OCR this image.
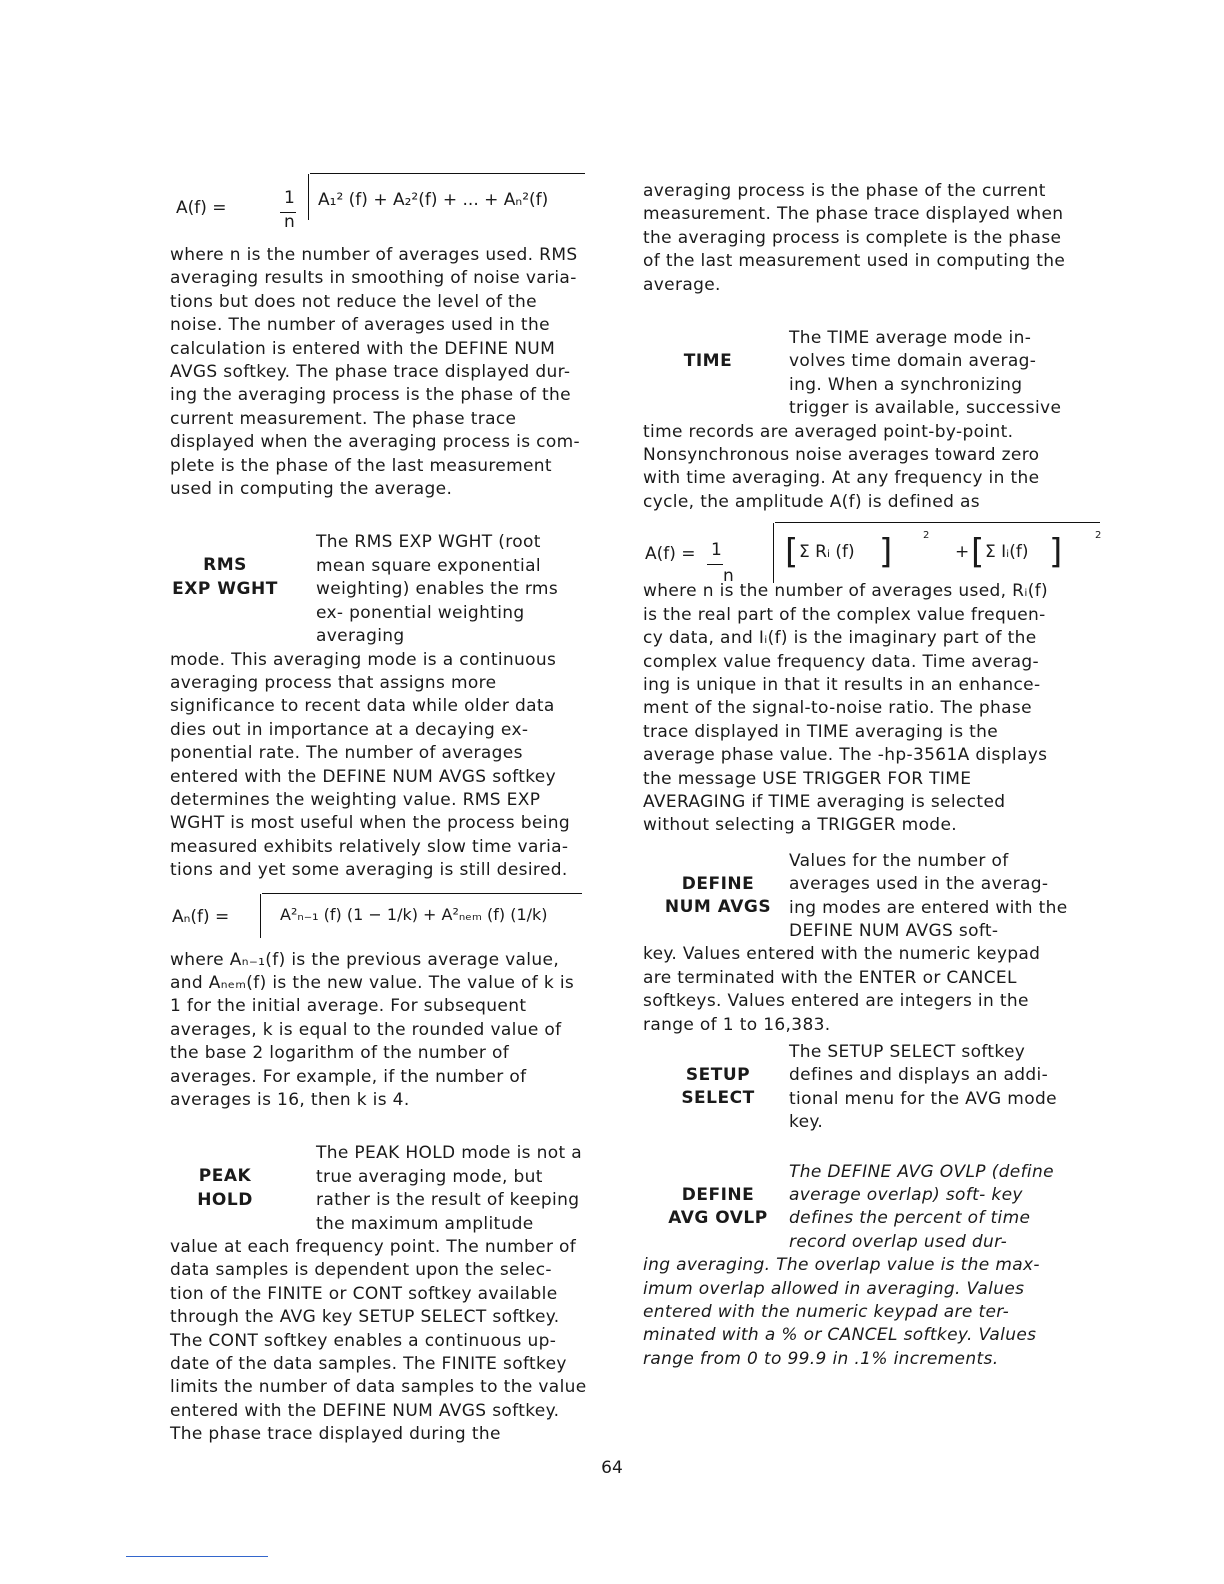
A(f) =	1
n
A₁² (f) + A₂²(f) + ... + Aₙ²(f)

where n is the number of averages used. RMS averaging results in smoothing of noise varia- tions but does not reduce the level of the noise. The number of averages used in the calculation is entered with the DEFINE NUM AVGS softkey. The phase trace displayed dur- ing the averaging process is the phase of the current measurement. The phase trace displayed when the averaging process is com- plete is the phase of the last measurement used in computing the average.

RMS
EXP WGHT

The RMS EXP WGHT (root mean square exponential weighting) enables the rms ex- ponential weighting averaging

mode. This averaging mode is a continuous averaging process that assigns more significance to recent data while older data dies out in importance at a decaying ex- ponential rate. The number of averages entered with the DEFINE NUM AVGS softkey determines the weighting value. RMS EXP WGHT is most useful when the process being measured exhibits relatively slow time varia- tions and yet some averaging is still desired.

Aₙ(f) =	A²ₙ₋₁ (f) (1 − 1/k) + A²ₙₑₘ (f) (1/k)

where Aₙ₋₁(f) is the previous average value, and Aₙₑₘ(f) is the new value. The value of k is 1 for the initial average. For subsequent averages, k is equal to the rounded value of the base 2 logarithm of the number of averages. For example, if the number of averages is 16, then k is 4.

PEAK
HOLD

The PEAK HOLD mode is not a true averaging mode, but rather is the result of keeping the maximum amplitude

value at each frequency point. The number of data samples is dependent upon the selec- tion of the FINITE or CONT softkey available through the AVG key SETUP SELECT softkey. The CONT softkey enables a continuous up- date of the data samples. The FINITE softkey limits the number of data samples to the value entered with the DEFINE NUM AVGS softkey. The phase trace displayed during the

averaging process is the phase of the current measurement. The phase trace displayed when the averaging process is complete is the phase of the last measurement used in computing the average.

TIME

The TIME average mode in- volves time domain averag- ing. When a synchronizing trigger is available, successive

time records are averaged point-by-point. Nonsynchronous noise averages toward zero with time averaging. At any frequency in the cycle, the amplitude A(f) is defined as

A(f) = 1
n
[ Σ Rᵢ (f) ]	2
+ [ Σ Iᵢ(f) ]	2

where n is the number of averages used, Rᵢ(f) is the real part of the complex value frequen- cy data, and Iᵢ(f) is the imaginary part of the complex value frequency data. Time averag- ing is unique in that it results in an enhance- ment of the signal-to-noise ratio. The phase trace displayed in TIME averaging is the average phase value. The -hp-3561A displays the message USE TRIGGER FOR TIME AVERAGING if TIME averaging is selected without selecting a TRIGGER mode.

DEFINE
NUM AVGS

Values for the number of averages used in the averag- ing modes are entered with the DEFINE NUM AVGS soft-

key. Values entered with the numeric keypad are terminated with the ENTER or CANCEL softkeys. Values entered are integers in the range of 1 to 16,383.

SETUP
SELECT

The SETUP SELECT softkey defines and displays an addi- tional menu for the AVG mode key.

DEFINE
AVG OVLP

The DEFINE AVG OVLP (define average overlap) soft- key defines the percent of time record overlap used dur-

ing averaging. The overlap value is the max- imum overlap allowed in averaging. Values entered with the numeric keypad are ter- minated with a % or CANCEL softkey. Values range from 0 to 99.9 in .1% increments.

64
